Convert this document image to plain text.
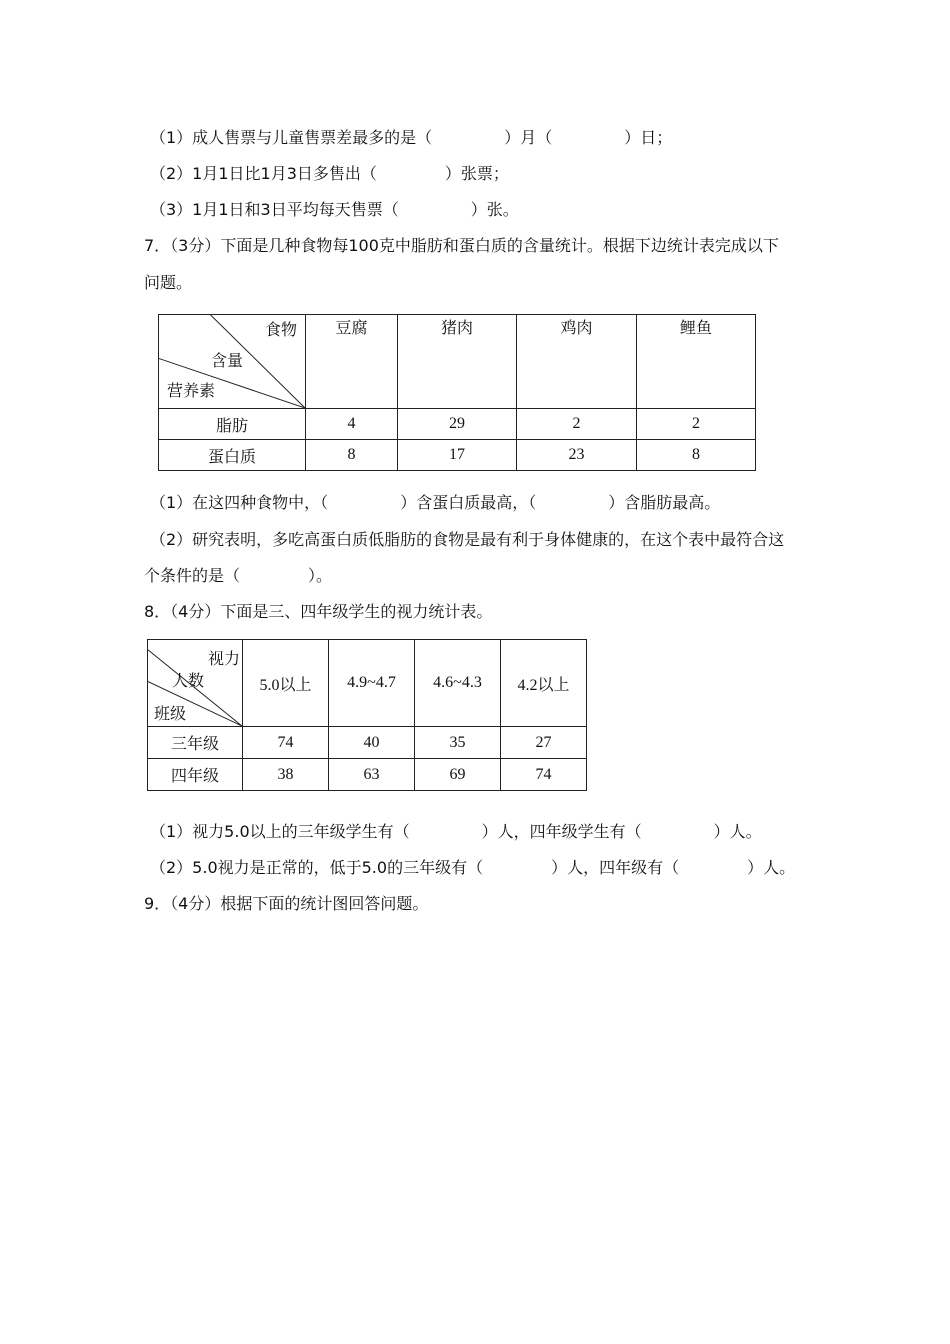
（1）成人售票与儿童售票差最多的是（	）月（	）日；
（2）1月1日比1月3日多售出（	）张票；
（3）1月1日和3日平均每天售票（	）张。
7．（3分）下面是几种食物每100克中脂肪和蛋白质的含量统计。根据下边统计表完成以下
问题。
食物
含量
营养素	豆腐	猪肉	鸡肉	鲤鱼
脂肪	4	29	2	2
蛋白质	8	17	23	8
（1）在这四种食物中，（	）含蛋白质最高，（	）含脂肪最高。
（2）研究表明，多吃高蛋白质低脂肪的食物是最有利于身体健康的，在这个表中最符合这
个条件的是（	）。
8．（4分）下面是三、四年级学生的视力统计表。
视力
人数
班级	5.0以上	4.9~4.7	4.6~4.3	4.2以上
三年级	74	40	35	27
四年级	38	63	69	74
（1）视力5.0以上的三年级学生有（	）人，四年级学生有（	）人。
（2）5.0视力是正常的，低于5.0的三年级有（	）人，四年级有（	）人。
9．（4分）根据下面的统计图回答问题。
